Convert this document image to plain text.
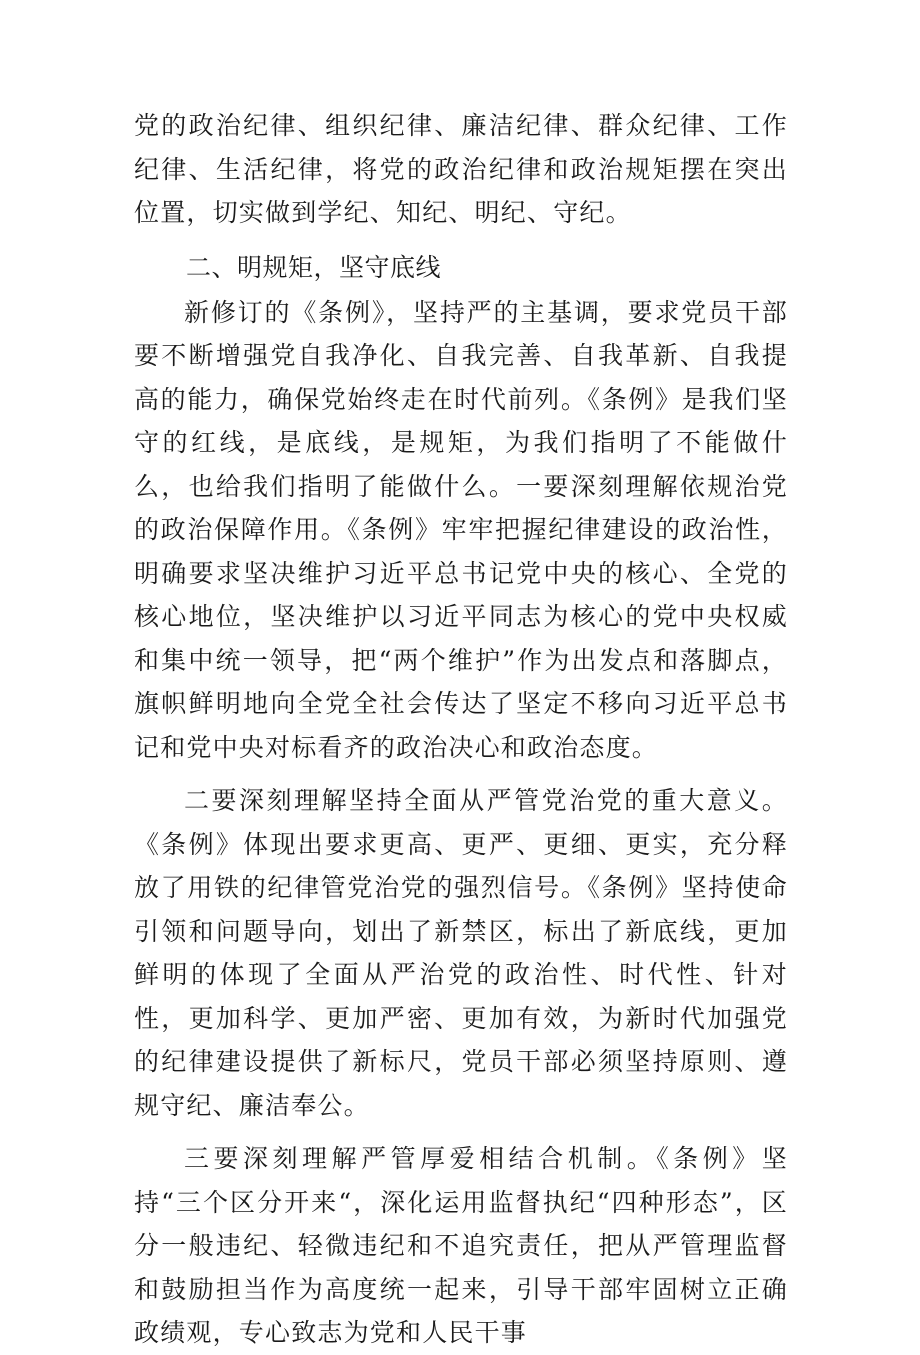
党的政治纪律、组织纪律、廉洁纪律、群众纪律、工作纪律、生活纪律，将党的政治纪律和政治规矩摆在突出位置，切实做到学纪、知纪、明纪、守纪。

二、明规矩，坚守底线

新修订的《条例》，坚持严的主基调，要求党员干部要不断增强党自我净化、自我完善、自我革新、自我提高的能力，确保党始终走在时代前列。《条例》是我们坚守的红线，是底线，是规矩，为我们指明了不能做什么，也给我们指明了能做什么。一要深刻理解依规治党的政治保障作用。《条例》牢牢把握纪律建设的政治性，明确要求坚决维护习近平总书记党中央的核心、全党的核心地位，坚决维护以习近平同志为核心的党中央权威和集中统一领导，把“两个维护”作为出发点和落脚点，旗帜鲜明地向全党全社会传达了坚定不移向习近平总书记和党中央对标看齐的政治决心和政治态度。

二要深刻理解坚持全面从严管党治党的重大意义。《条例》体现出要求更高、更严、更细、更实，充分释放了用铁的纪律管党治党的强烈信号。《条例》坚持使命引领和问题导向，划出了新禁区，标出了新底线，更加鲜明的体现了全面从严治党的政治性、时代性、针对性，更加科学、更加严密、更加有效，为新时代加强党的纪律建设提供了新标尺，党员干部必须坚持原则、遵规守纪、廉洁奉公。

三要深刻理解严管厚爱相结合机制。《条例》坚持“三个区分开来“，深化运用监督执纪“四种形态”，区分一般违纪、轻微违纪和不追究责任，把从严管理监督和鼓励担当作为高度统一起来，引导干部牢固树立正确政绩观，专心致志为党和人民干事
